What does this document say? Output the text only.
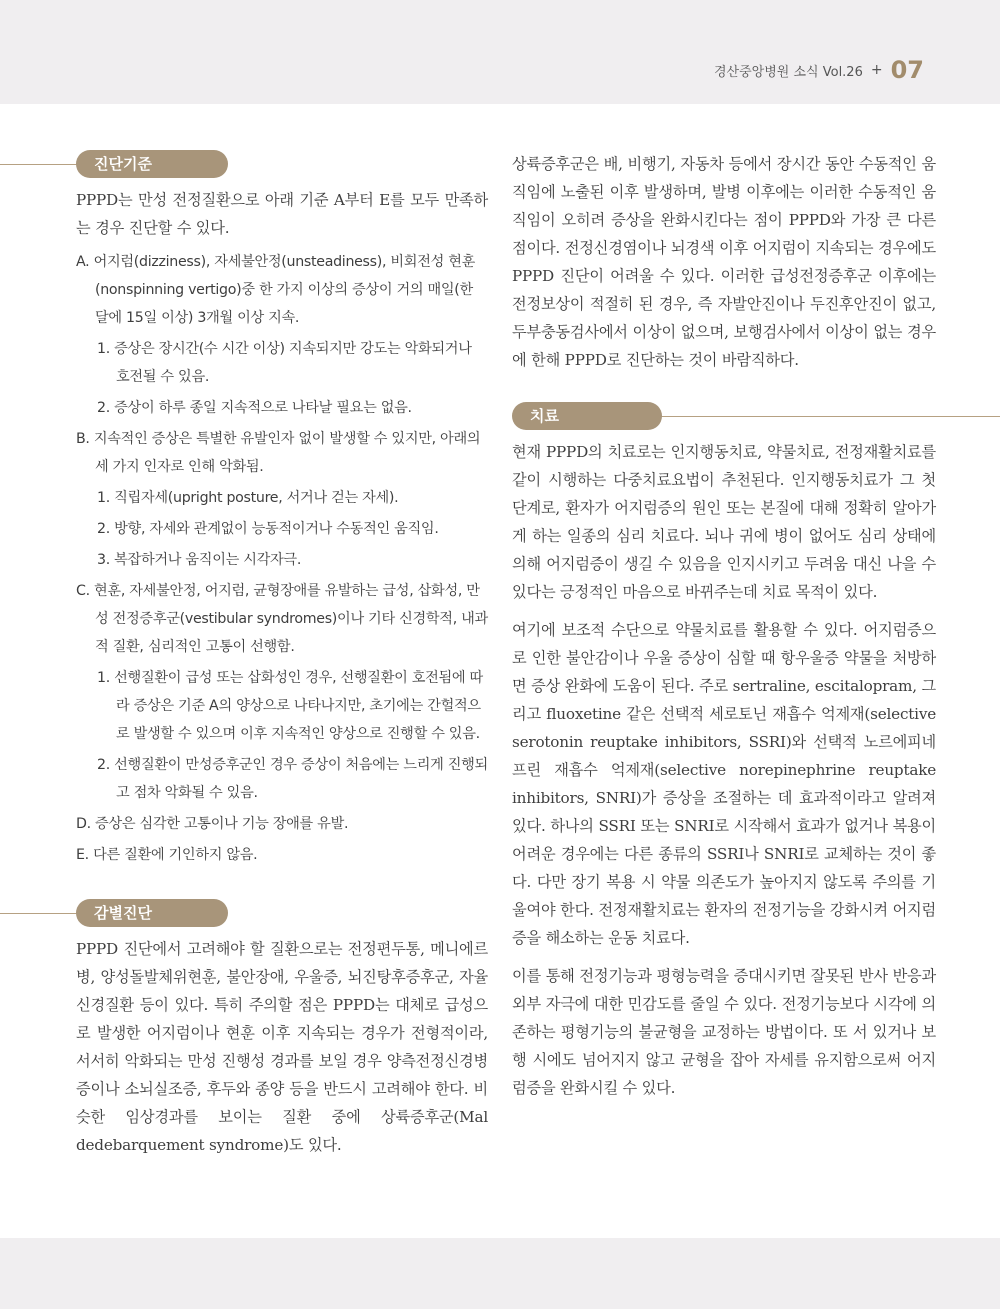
경산중앙병원 소식 Vol.26 + 07
진단기준

PPPD는 만성 전정질환으로 아래 기준 A부터 E를 모두 만족하는 경우 진단할 수 있다.

A. 어지럼(dizziness), 자세불안정(unsteadiness), 비회전성 현훈(nonspinning vertigo)중 한 가지 이상의 증상이 거의 매일(한 달에 15일 이상) 3개월 이상 지속.

1. 증상은 장시간(수 시간 이상) 지속되지만 강도는 악화되거나 호전될 수 있음.

2. 증상이 하루 종일 지속적으로 나타날 필요는 없음.

B. 지속적인 증상은 특별한 유발인자 없이 발생할 수 있지만, 아래의 세 가지 인자로 인해 악화됨.

1. 직립자세(upright posture, 서거나 걷는 자세).

2. 방향, 자세와 관계없이 능동적이거나 수동적인 움직임.

3. 복잡하거나 움직이는 시각자극.

C. 현훈, 자세불안정, 어지럼, 균형장애를 유발하는 급성, 삽화성, 만성 전정증후군(vestibular syndromes)이나 기타 신경학적, 내과적 질환, 심리적인 고통이 선행함.

1. 선행질환이 급성 또는 삽화성인 경우, 선행질환이 호전됨에 따라 증상은 기준 A의 양상으로 나타나지만, 초기에는 간헐적으로 발생할 수 있으며 이후 지속적인 양상으로 진행할 수 있음.

2. 선행질환이 만성증후군인 경우 증상이 처음에는 느리게 진행되고 점차 악화될 수 있음.

D. 증상은 심각한 고통이나 기능 장애를 유발.

E. 다른 질환에 기인하지 않음.

감별진단

PPPD 진단에서 고려해야 할 질환으로는 전정편두통, 메니에르병, 양성돌발체위현훈, 불안장애, 우울증, 뇌진탕후증후군, 자율신경질환 등이 있다. 특히 주의할 점은 PPPD는 대체로 급성으로 발생한 어지럼이나 현훈 이후 지속되는 경우가 전형적이라, 서서히 악화되는 만성 진행성 경과를 보일 경우 양측전정신경병증이나 소뇌실조증, 후두와 종양 등을 반드시 고려해야 한다. 비슷한 임상경과를 보이는 질환 중에 상륙증후군(Mal dedebarquement syndrome)도 있다.

상륙증후군은 배, 비행기, 자동차 등에서 장시간 동안 수동적인 움직임에 노출된 이후 발생하며, 발병 이후에는 이러한 수동적인 움직임이 오히려 증상을 완화시킨다는 점이 PPPD와 가장 큰 다른 점이다. 전정신경염이나 뇌경색 이후 어지럼이 지속되는 경우에도 PPPD 진단이 어려울 수 있다. 이러한 급성전정증후군 이후에는 전정보상이 적절히 된 경우, 즉 자발안진이나 두진후안진이 없고, 두부충동검사에서 이상이 없으며, 보행검사에서 이상이 없는 경우에 한해 PPPD로 진단하는 것이 바람직하다.

치료

현재 PPPD의 치료로는 인지행동치료, 약물치료, 전정재활치료를 같이 시행하는 다중치료요법이 추천된다. 인지행동치료가 그 첫 단계로, 환자가 어지럼증의 원인 또는 본질에 대해 정확히 알아가게 하는 일종의 심리 치료다. 뇌나 귀에 병이 없어도 심리 상태에 의해 어지럼증이 생길 수 있음을 인지시키고 두려움 대신 나을 수 있다는 긍정적인 마음으로 바뀌주는데 치료 목적이 있다.

여기에 보조적 수단으로 약물치료를 활용할 수 있다. 어지럼증으로 인한 불안감이나 우울 증상이 심할 때 항우울증 약물을 처방하면 증상 완화에 도움이 된다. 주로 sertraline, escitalopram, 그리고 fluoxetine 같은 선택적 세로토닌 재흡수 억제재(selective serotonin reuptake inhibitors, SSRI)와 선택적 노르에피네프린 재흡수 억제재(selective norepinephrine reuptake inhibitors, SNRI)가 증상을 조절하는 데 효과적이라고 알려져 있다. 하나의 SSRI 또는 SNRI로 시작해서 효과가 없거나 복용이 어려운 경우에는 다른 종류의 SSRI나 SNRI로 교체하는 것이 좋다. 다만 장기 복용 시 약물 의존도가 높아지지 않도록 주의를 기울여야 한다. 전정재활치료는 환자의 전정기능을 강화시켜 어지럼증을 해소하는 운동 치료다.

이를 통해 전정기능과 평형능력을 증대시키면 잘못된 반사 반응과 외부 자극에 대한 민감도를 줄일 수 있다. 전정기능보다 시각에 의존하는 평형기능의 불균형을 교정하는 방법이다. 또 서 있거나 보행 시에도 넘어지지 않고 균형을 잡아 자세를 유지함으로써 어지럼증을 완화시킬 수 있다.
